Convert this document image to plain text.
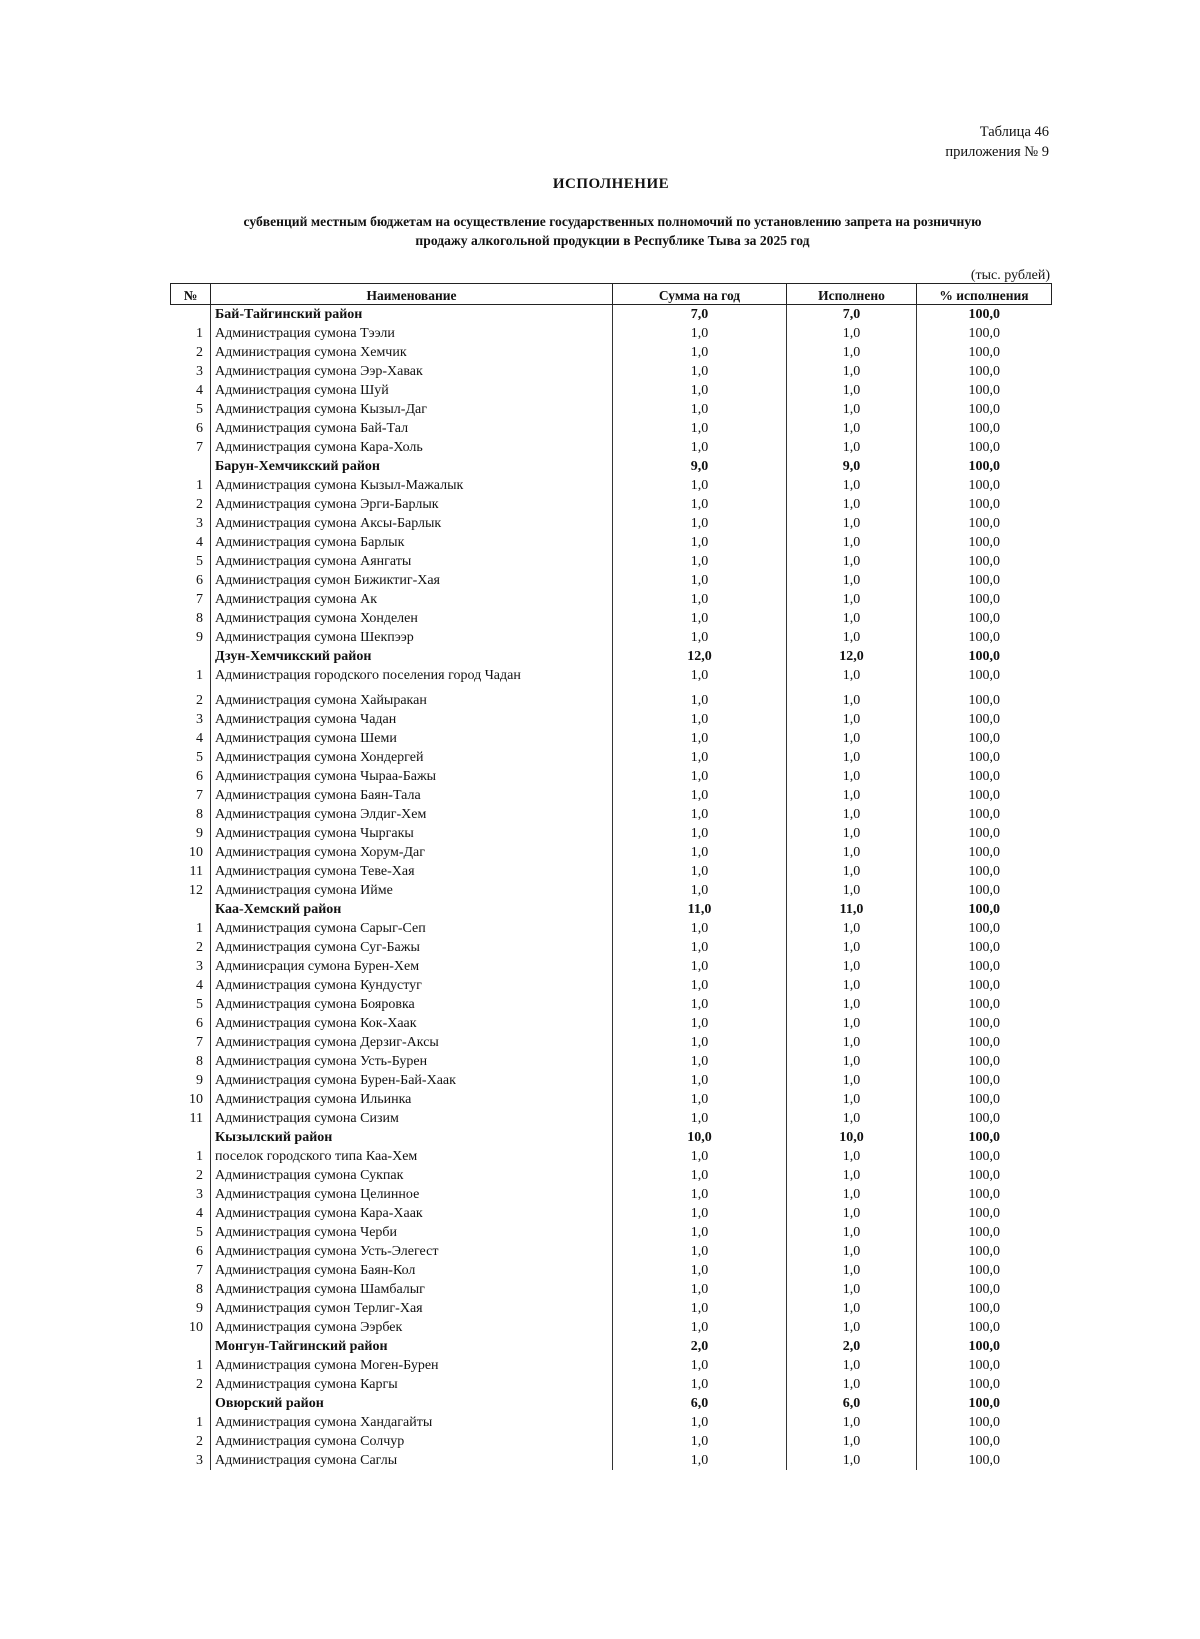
Таблица 46
приложения № 9
ИСПОЛНЕНИЕ
субвенций местным бюджетам на осуществление государственных полномочий по установлению запрета на розничную
продажу алкогольной продукции в Республике Тыва за 2025 год
(тыс. рублей)
№	Наименование	Сумма на год	Исполнено	% исполнения
	Бай-Тайгинский район	7,0	7,0	100,0
1	Администрация сумона Тээли	1,0	1,0	100,0
2	Администрация сумона Хемчик	1,0	1,0	100,0
3	Администрация сумона Ээр-Хавак	1,0	1,0	100,0
4	Администрация сумона Шуй	1,0	1,0	100,0
5	Администрация сумона Кызыл-Даг	1,0	1,0	100,0
6	Администрация сумона Бай-Тал	1,0	1,0	100,0
7	Администрация сумона Кара-Холь	1,0	1,0	100,0
	Барун-Хемчикский район	9,0	9,0	100,0
1	Администрация сумона Кызыл-Мажалык	1,0	1,0	100,0
2	Администрация сумона Эрги-Барлык	1,0	1,0	100,0
3	Администрация сумона Аксы-Барлык	1,0	1,0	100,0
4	Администрация сумона Барлык	1,0	1,0	100,0
5	Администрация сумона Аянгаты	1,0	1,0	100,0
6	Администрация сумон Бижиктиг-Хая	1,0	1,0	100,0
7	Администрация сумона Ак	1,0	1,0	100,0
8	Администрация сумона Хонделен	1,0	1,0	100,0
9	Администрация сумона Шекпээр	1,0	1,0	100,0
	Дзун-Хемчикский район	12,0	12,0	100,0
1	Администрация городского поселения город Чадан	1,0	1,0	100,0
2	Администрация сумона Хайыракан	1,0	1,0	100,0
3	Администрация сумона Чадан	1,0	1,0	100,0
4	Администрация сумона Шеми	1,0	1,0	100,0
5	Администрация сумона Хондергей	1,0	1,0	100,0
6	Администрация сумона Чыраа-Бажы	1,0	1,0	100,0
7	Администрация сумона Баян-Тала	1,0	1,0	100,0
8	Администрация сумона Элдиг-Хем	1,0	1,0	100,0
9	Администрация сумона Чыргакы	1,0	1,0	100,0
10	Администрация сумона Хорум-Даг	1,0	1,0	100,0
11	Администрация сумона Теве-Хая	1,0	1,0	100,0
12	Администрация сумона Ийме	1,0	1,0	100,0
	Каа-Хемский район	11,0	11,0	100,0
1	Администрация сумона Сарыг-Сеп	1,0	1,0	100,0
2	Администрация сумона Суг-Бажы	1,0	1,0	100,0
3	Админисрация сумона Бурен-Хем	1,0	1,0	100,0
4	Администрация сумона Кундустуг	1,0	1,0	100,0
5	Администрация сумона Бояровка	1,0	1,0	100,0
6	Администрация сумона Кок-Хаак	1,0	1,0	100,0
7	Администрация сумона Дерзиг-Аксы	1,0	1,0	100,0
8	Администрация сумона Усть-Бурен	1,0	1,0	100,0
9	Администрация сумона Бурен-Бай-Хаак	1,0	1,0	100,0
10	Администрация сумона Ильинка	1,0	1,0	100,0
11	Администрация сумона Сизим	1,0	1,0	100,0
	Кызылский район	10,0	10,0	100,0
1	поселок городского типа Каа-Хем	1,0	1,0	100,0
2	Администрация сумона Сукпак	1,0	1,0	100,0
3	Администрация сумона Целинное	1,0	1,0	100,0
4	Администрация сумона Кара-Хаак	1,0	1,0	100,0
5	Администрация сумона Черби	1,0	1,0	100,0
6	Администрация сумона Усть-Элегест	1,0	1,0	100,0
7	Администрация сумона Баян-Кол	1,0	1,0	100,0
8	Администрация сумона Шамбалыг	1,0	1,0	100,0
9	Администрация сумон Терлиг-Хая	1,0	1,0	100,0
10	Администрация сумона Ээрбек	1,0	1,0	100,0
	Монгун-Тайгинский район	2,0	2,0	100,0
1	Администрация сумона Моген-Бурен	1,0	1,0	100,0
2	Администрация сумона Каргы	1,0	1,0	100,0
	Овюрский район	6,0	6,0	100,0
1	Администрация сумона Хандагайты	1,0	1,0	100,0
2	Администрация сумона Солчур	1,0	1,0	100,0
3	Администрация сумона Саглы	1,0	1,0	100,0
